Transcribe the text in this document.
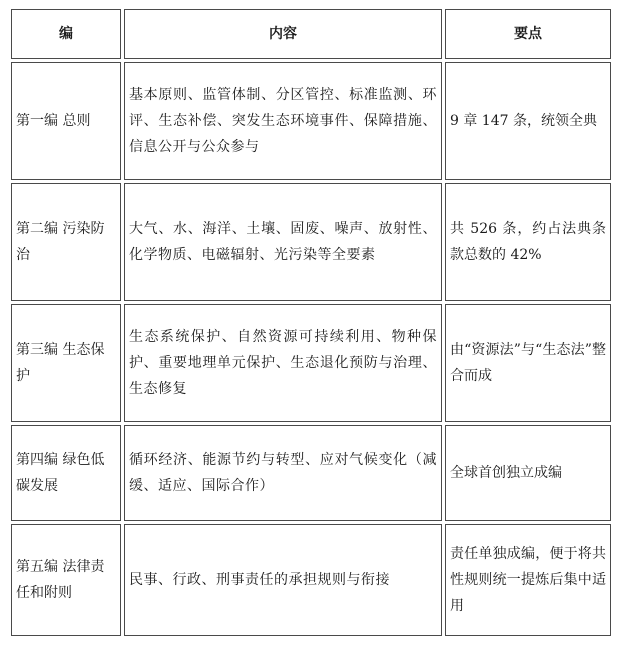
编	内容	要点
第一编 总则	基本原则、监管体制、分区管控、标准监测、环评、生态补偿、突发生态环境事件、保障措施、信息公开与公众参与	9 章 147 条，统领全典
第二编 污染防治	大气、水、海洋、土壤、固废、噪声、放射性、化学物质、电磁辐射、光污染等全要素	共 526 条，约占法典条款总数的 42%
第三编 生态保护	生态系统保护、自然资源可持续利用、物种保护、重要地理单元保护、生态退化预防与治理、生态修复	由“资源法”与“生态法”整合而成
第四编 绿色低碳发展	循环经济、能源节约与转型、应对气候变化（减缓、适应、国际合作）	全球首创独立成编
第五编 法律责任和附则	民事、行政、刑事责任的承担规则与衔接	责任单独成编，便于将共性规则统一提炼后集中适用
